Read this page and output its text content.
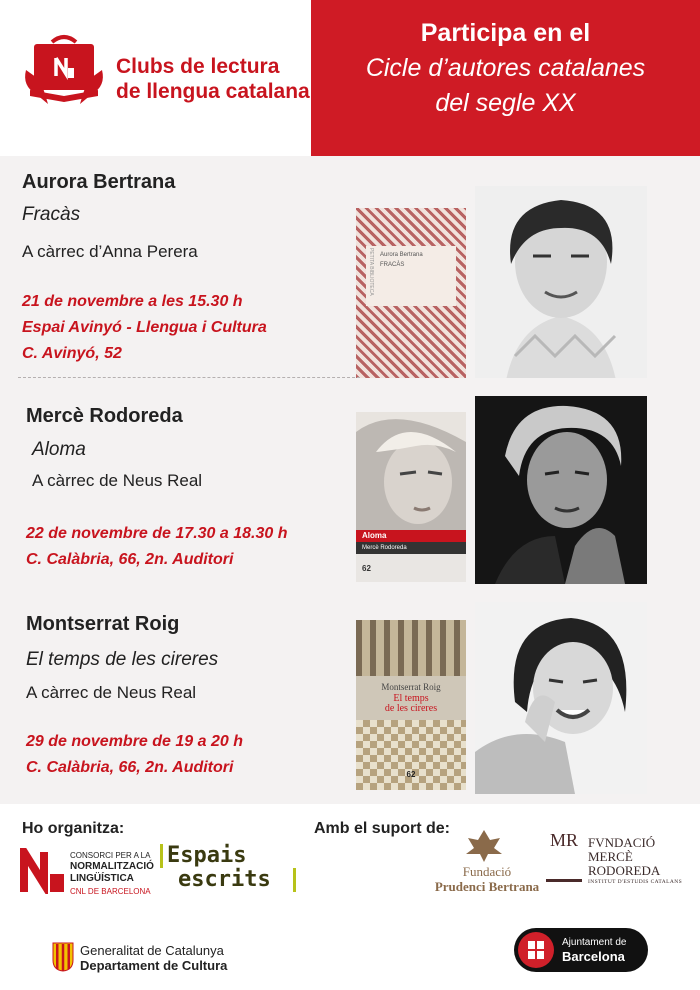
Clubs de lectura
de llengua catalana
Participa en el
Cicle d’autores catalanes
del segle XX
Aurora Bertrana
Fracàs
A càrrec d’Anna Perera
21 de novembre a les 15.30 h
Espai Avinyó - Llengua i Cultura
C. Avinyó, 52
Aurora Bertrana
FRACÀS
PETITA BIBLIOTECA
Mercè Rodoreda
Aloma
A càrrec de Neus Real
22 de novembre de 17.30 a 18.30 h
C. Calàbria, 66, 2n. Auditori
Aloma
Mercè Rodoreda
62
Montserrat Roig
El temps de les cireres
A càrrec de Neus Real
29 de novembre de 19 a 20 h
C. Calàbria, 66, 2n. Auditori
Montserrat Roig
El temps
de les cireres
62
Ho organitza:	Amb el suport de:
CONSORCI PER A LA
NORMALITZACIÓ
LINGÜÍSTICA
CNL DE BARCELONA
Espais
escrits	Fundació
Prudenci Bertrana
MR FVNDACIÓ
MERCÈ
RODOREDA
INSTITUT D'ESTUDIS CATALANS
Generalitat de Catalunya
Departament de Cultura
Ajuntament de
Barcelona
